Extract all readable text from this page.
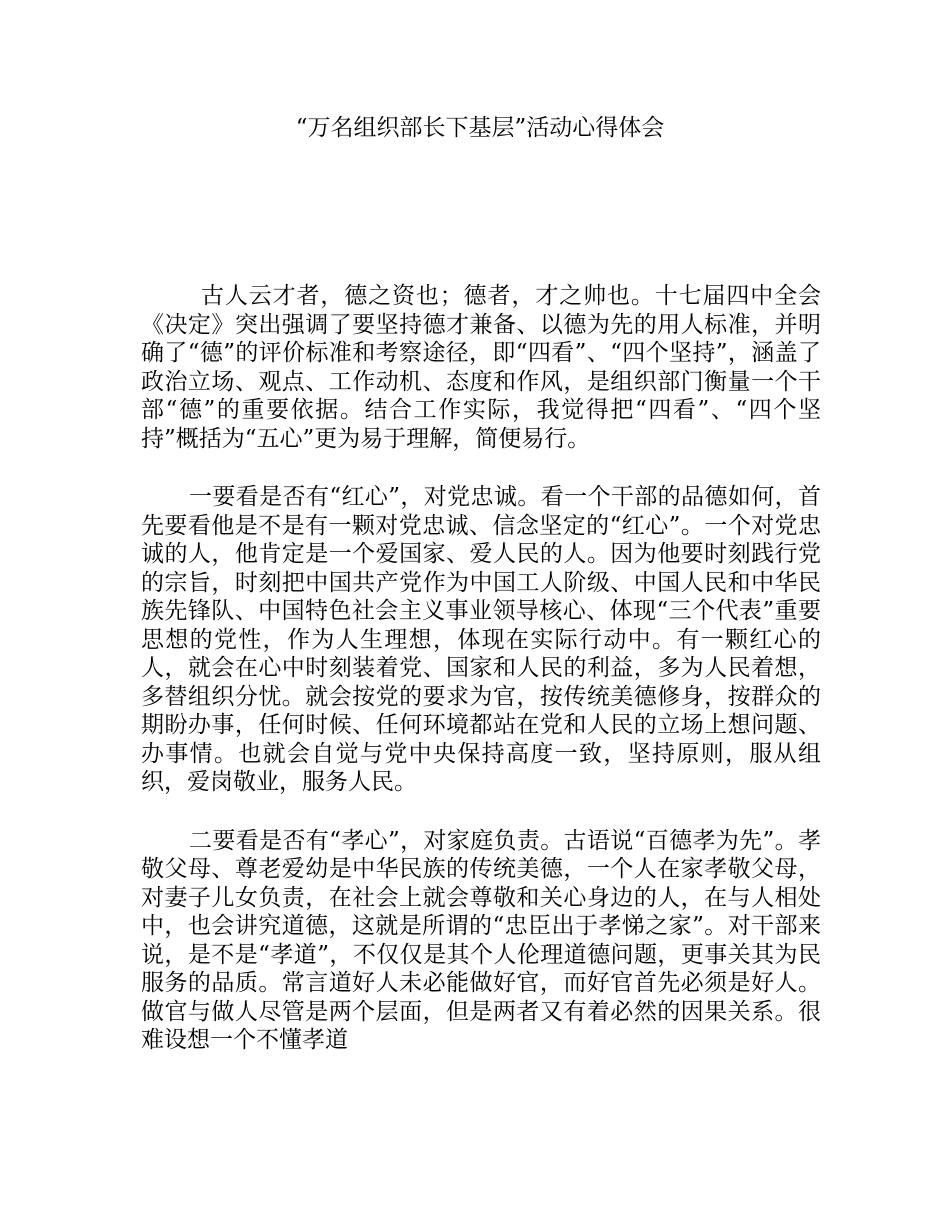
“万名组织部长下基层”活动心得体会

古人云才者，德之资也；德者，才之帅也。十七届四中全会《决定》突出强调了要坚持德才兼备、以德为先的用人标准，并明确了“德”的评价标准和考察途径，即“四看”、“四个坚持”，涵盖了政治立场、观点、工作动机、态度和作风，是组织部门衡量一个干部“德”的重要依据。结合工作实际，我觉得把“四看”、“四个坚持”概括为“五心”更为易于理解，简便易行。

一要看是否有“红心”，对党忠诚。看一个干部的品德如何，首先要看他是不是有一颗对党忠诚、信念坚定的“红心”。一个对党忠诚的人，他肯定是一个爱国家、爱人民的人。因为他要时刻践行党的宗旨，时刻把中国共产党作为中国工人阶级、中国人民和中华民族先锋队、中国特色社会主义事业领导核心、体现“三个代表”重要思想的党性，作为人生理想，体现在实际行动中。有一颗红心的人，就会在心中时刻装着党、国家和人民的利益，多为人民着想，多替组织分忧。就会按党的要求为官，按传统美德修身，按群众的期盼办事，任何时候、任何环境都站在党和人民的立场上想问题、办事情。也就会自觉与党中央保持高度一致，坚持原则，服从组织，爱岗敬业，服务人民。

二要看是否有“孝心”，对家庭负责。古语说“百德孝为先”。孝敬父母、尊老爱幼是中华民族的传统美德，一个人在家孝敬父母，对妻子儿女负责，在社会上就会尊敬和关心身边的人，在与人相处中，也会讲究道德，这就是所谓的“忠臣出于孝悌之家”。对干部来说，是不是“孝道”，不仅仅是其个人伦理道德问题，更事关其为民服务的品质。常言道好人未必能做好官，而好官首先必须是好人。做官与做人尽管是两个层面，但是两者又有着必然的因果关系。很难设想一个不懂孝道
